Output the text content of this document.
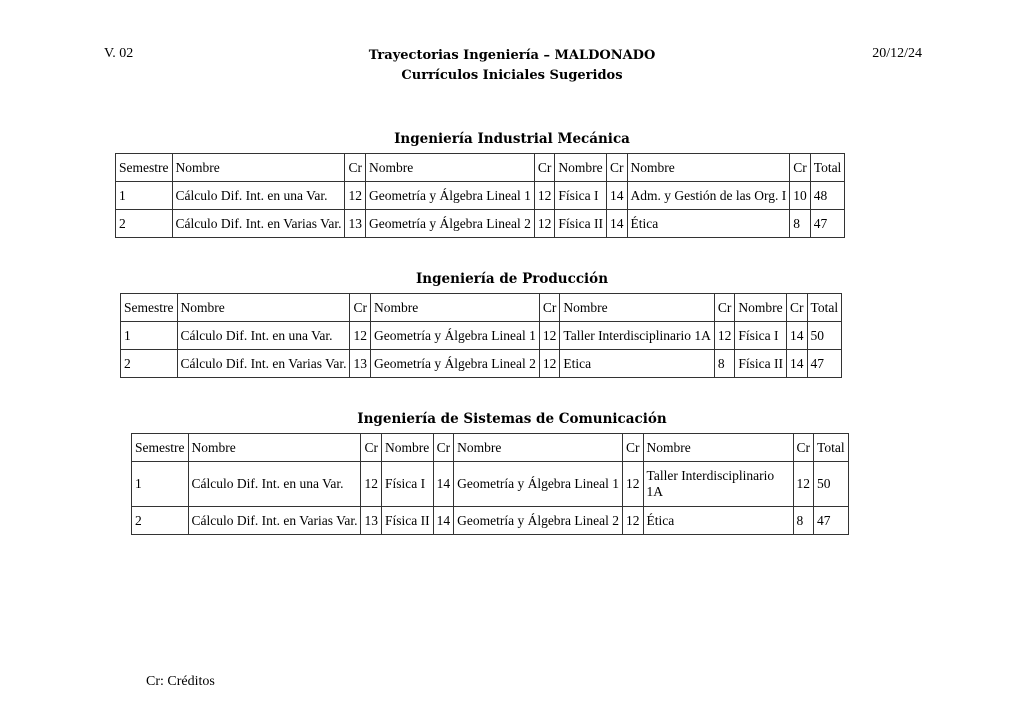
V. 02	Trayectorias Ingeniería – MALDONADO
Currículos Iniciales Sugeridos
20/12/24
Ingeniería Industrial Mecánica
Semestre	Nombre	Cr	Nombre	Cr	Nombre	Cr	Nombre	Cr	Total
1	Cálculo Dif. Int. en una Var.	12	Geometría y Álgebra Lineal 1	12	Física I	14	Adm. y Gestión de las Org. I	10	48
2	Cálculo Dif. Int. en Varias Var.	13	Geometría y Álgebra Lineal 2	12	Física II	14	Ética	8	47
Ingeniería de Producción
Semestre	Nombre	Cr	Nombre	Cr	Nombre	Cr	Nombre	Cr	Total
1	Cálculo Dif. Int. en una Var.	12	Geometría y Álgebra Lineal 1	12	Taller Interdisciplinario 1A	12	Física I	14	50
2	Cálculo Dif. Int. en Varias Var.	13	Geometría y Álgebra Lineal 2	12	Etica	8	Física II	14	47
Ingeniería de Sistemas de Comunicación
Semestre	Nombre	Cr	Nombre	Cr	Nombre	Cr	Nombre	Cr	Total
1	Cálculo Dif. Int. en una Var.	12	Física I	14	Geometría y Álgebra Lineal 1	12	Taller Interdisciplinario 1A	12	50
2	Cálculo Dif. Int. en Varias Var.	13	Física II	14	Geometría y Álgebra Lineal 2	12	Ética	8	47
Cr: Créditos
